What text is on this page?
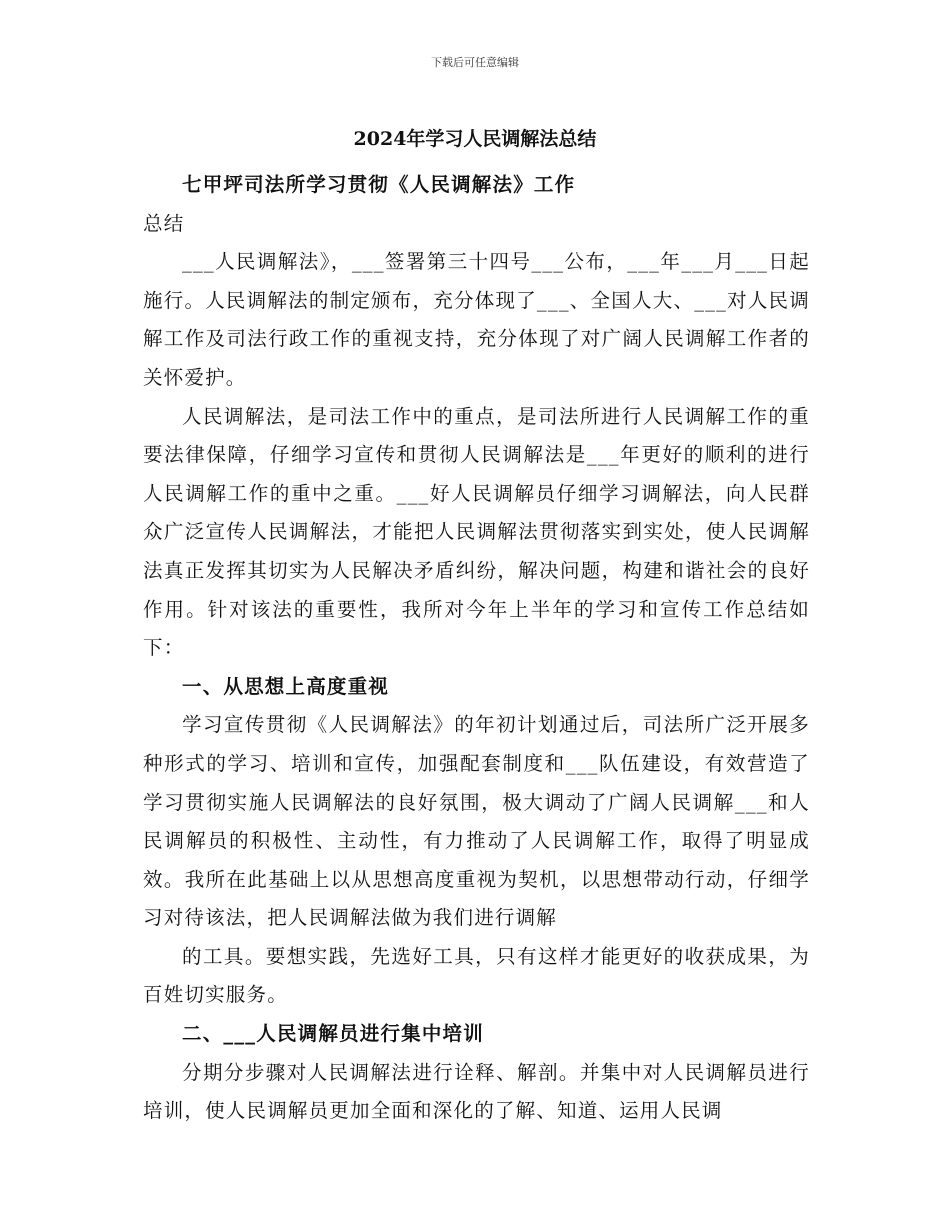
下载后可任意编辑
2024年学习人民调解法总结

七甲坪司法所学习贯彻《人民调解法》工作
总结

___人民调解法》，___签署第三十四号___公布，___年___月___日起施行。人民调解法的制定颁布，充分体现了___、全国人大、___对人民调解工作及司法行政工作的重视支持，充分体现了对广阔人民调解工作者的关怀爱护。

人民调解法，是司法工作中的重点，是司法所进行人民调解工作的重要法律保障，仔细学习宣传和贯彻人民调解法是___年更好的顺利的进行人民调解工作的重中之重。___好人民调解员仔细学习调解法，向人民群众广泛宣传人民调解法，才能把人民调解法贯彻落实到实处，使人民调解法真正发挥其切实为人民解决矛盾纠纷，解决问题，构建和谐社会的良好作用。针对该法的重要性，我所对今年上半年的学习和宣传工作总结如下：

一、从思想上高度重视

学习宣传贯彻《人民调解法》的年初计划通过后，司法所广泛开展多种形式的学习、培训和宣传，加强配套制度和___队伍建设，有效营造了学习贯彻实施人民调解法的良好氛围，极大调动了广阔人民调解___和人民调解员的积极性、主动性，有力推动了人民调解工作，取得了明显成效。我所在此基础上以从思想高度重视为契机，以思想带动行动，仔细学习对待该法，把人民调解法做为我们进行调解

的工具。要想实践，先选好工具，只有这样才能更好的收获成果，为百姓切实服务。

二、___人民调解员进行集中培训

分期分步骤对人民调解法进行诠释、解剖。并集中对人民调解员进行培训，使人民调解员更加全面和深化的了解、知道、运用人民调
